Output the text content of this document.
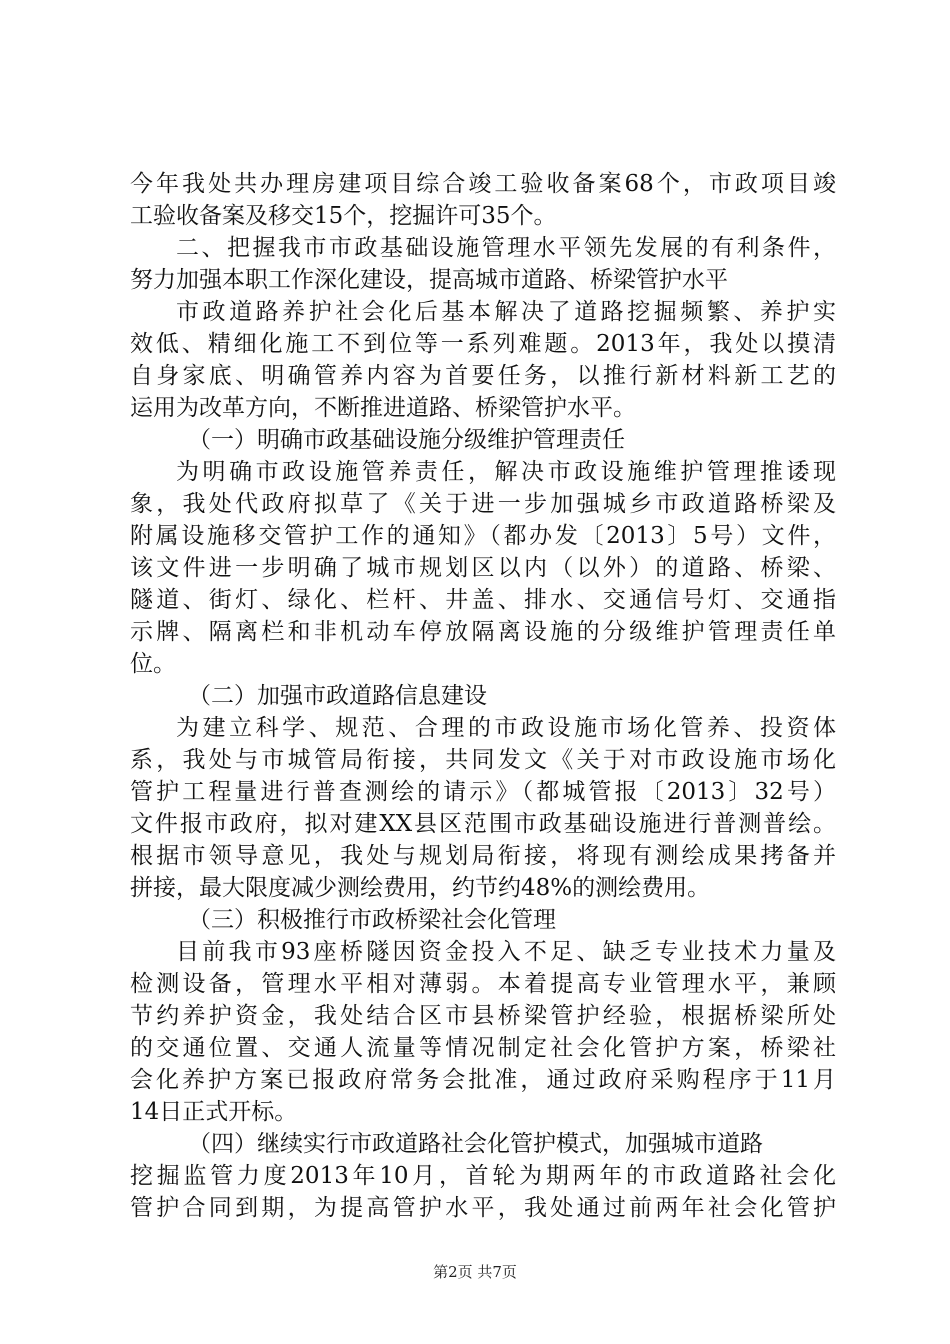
今年我处共办理房建项目综合竣工验收备案68个，市政项目竣
工验收备案及移交15个，挖掘许可35个。
二、把握我市市政基础设施管理水平领先发展的有利条件，
努力加强本职工作深化建设，提高城市道路、桥梁管护水平
市政道路养护社会化后基本解决了道路挖掘频繁、养护实
效低、精细化施工不到位等一系列难题。2013年，我处以摸清
自身家底、明确管养内容为首要任务，以推行新材料新工艺的
运用为改革方向，不断推进道路、桥梁管护水平。
（一）明确市政基础设施分级维护管理责任
为明确市政设施管养责任，解决市政设施维护管理推诿现
象，我处代政府拟草了《关于进一步加强城乡市政道路桥梁及
附属设施移交管护工作的通知》（都办发〔2013〕5号）文件，
该文件进一步明确了城市规划区以内（以外）的道路、桥梁、
隧道、街灯、绿化、栏杆、井盖、排水、交通信号灯、交通指
示牌、隔离栏和非机动车停放隔离设施的分级维护管理责任单
位。
（二）加强市政道路信息建设
为建立科学、规范、合理的市政设施市场化管养、投资体
系，我处与市城管局衔接，共同发文《关于对市政设施市场化
管护工程量进行普查测绘的请示》（都城管报〔2013〕32号）
文件报市政府，拟对建XX县区范围市政基础设施进行普测普绘。
根据市领导意见，我处与规划局衔接，将现有测绘成果拷备并
拼接，最大限度减少测绘费用，约节约48%的测绘费用。
（三）积极推行市政桥梁社会化管理
目前我市93座桥隧因资金投入不足、缺乏专业技术力量及
检测设备，管理水平相对薄弱。本着提高专业管理水平，兼顾
节约养护资金，我处结合区市县桥梁管护经验，根据桥梁所处
的交通位置、交通人流量等情况制定社会化管护方案，桥梁社
会化养护方案已报政府常务会批准，通过政府采购程序于11月
14日正式开标。
（四）继续实行市政道路社会化管护模式，加强城市道路
挖掘监管力度2013年10月，首轮为期两年的市政道路社会化
管护合同到期，为提高管护水平，我处通过前两年社会化管护
第2页 共7页
